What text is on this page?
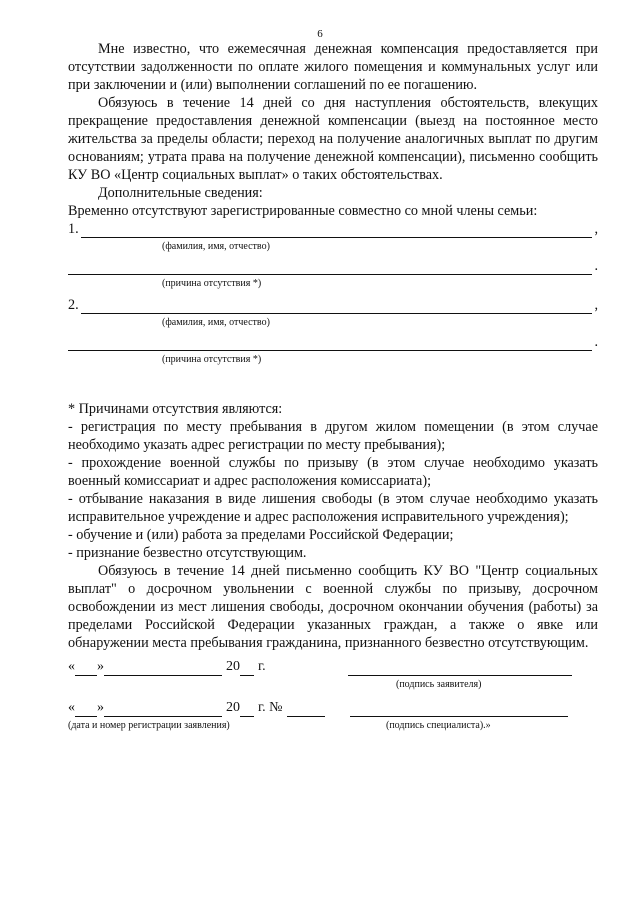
6

Мне известно, что ежемесячная денежная компенсация предоставляется при отсутствии задолженности по оплате жилого помещения и коммунальных услуг или при заключении и (или) выполнении соглашений по ее погашению.

Обязуюсь в течение 14 дней со дня наступления обстоятельств, влекущих прекращение предоставления денежной компенсации (выезд на постоянное место жительства за пределы области; переход на получение аналогичных выплат по другим основаниям; утрата права на получение денежной компенсации), письменно сообщить КУ ВО «Центр социальных выплат» о таких обстоятельствах.

Дополнительные сведения:

Временно отсутствуют зарегистрированные совместно со мной члены семьи:

1.	,
(фамилия, имя, отчество)
.
(причина отсутствия *)
2.	,
(фамилия, имя, отчество)
.
(причина отсутствия *)

* Причинами отсутствия являются:

- регистрация по месту пребывания в другом жилом помещении (в этом случае необходимо указать адрес регистрации по месту пребывания);

- прохождение военной службы по призыву (в этом случае необходимо указать военный комиссариат и адрес расположения комиссариата);

- отбывание наказания в виде лишения свободы (в этом случае необходимо указать исправительное учреждение и адрес расположения исправительного учреждения);

- обучение и (или) работа за пределами Российской Федерации;

- признание безвестно отсутствующим.

Обязуюсь в течение 14 дней письменно сообщить КУ ВО "Центр социальных выплат" о досрочном увольнении с военной службы по призыву, досрочном освобождении из мест лишения свободы, досрочном окончании обучения (работы) за пределами Российской Федерации указанных граждан, а также о явке или обнаружении места пребывания гражданина, признанного безвестно отсутствующим.

« »	20 г.
(подпись заявителя)
« »	20 г. №
(дата и номер регистрации заявления)	(подпись специалиста).»
